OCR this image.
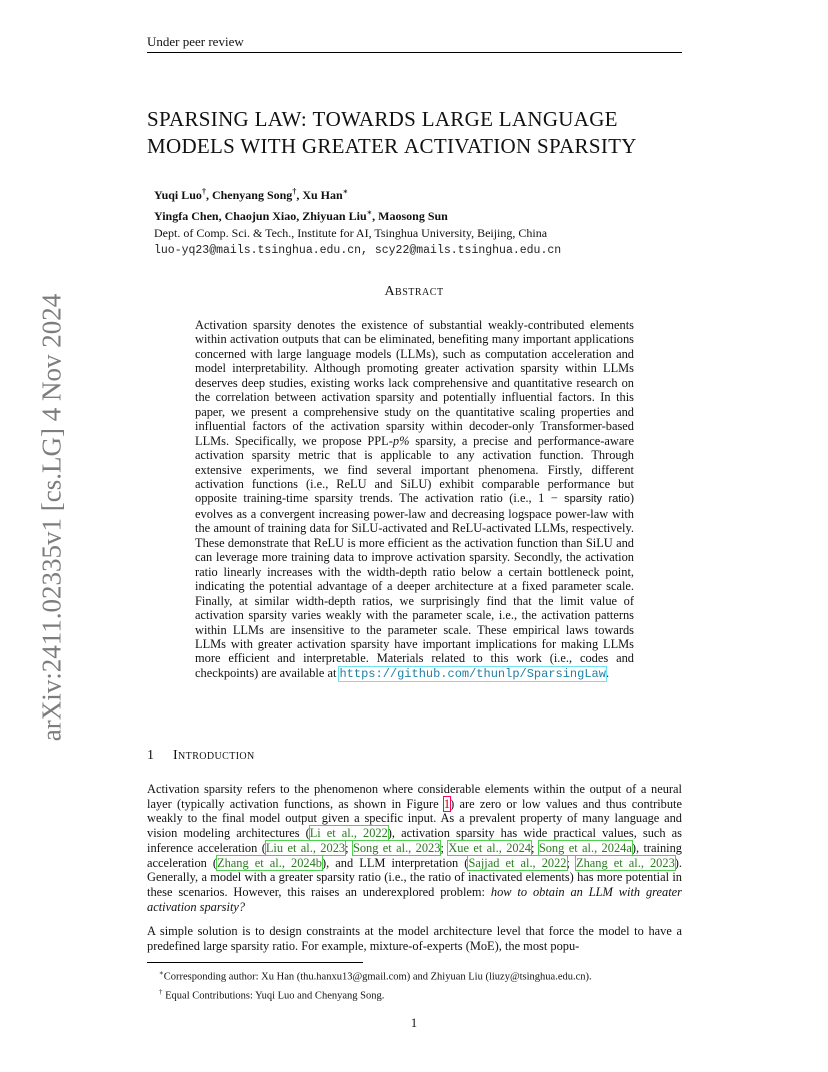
Under peer review
arXiv:2411.02335v1 [cs.LG] 4 Nov 2024
SPARSING LAW: TOWARDS LARGE LANGUAGE
MODELS WITH GREATER ACTIVATION SPARSITY
Yuqi Luo†, Chenyang Song†, Xu Han∗
Yingfa Chen, Chaojun Xiao, Zhiyuan Liu∗, Maosong Sun
Dept. of Comp. Sci. & Tech., Institute for AI, Tsinghua University, Beijing, China
luo-yq23@mails.tsinghua.edu.cn, scy22@mails.tsinghua.edu.cn
Abstract
Activation sparsity denotes the existence of substantial weakly-contributed elements within activation outputs that can be eliminated, benefiting many important applications concerned with large language models (LLMs), such as computation acceleration and model interpretability. Although promoting greater activation sparsity within LLMs deserves deep studies, existing works lack comprehensive and quantitative research on the correlation between activation sparsity and potentially influential factors. In this paper, we present a comprehensive study on the quantitative scaling properties and influential factors of the activation sparsity within decoder-only Transformer-based LLMs. Specifically, we propose PPL-p% sparsity, a precise and performance-aware activation sparsity metric that is applicable to any activation function. Through extensive experiments, we find several important phenomena. Firstly, different activation functions (i.e., ReLU and SiLU) exhibit comparable performance but opposite training-time sparsity trends. The activation ratio (i.e., 1 − sparsity ratio) evolves as a convergent increasing power-law and decreasing logspace power-law with the amount of training data for SiLU-activated and ReLU-activated LLMs, respectively. These demonstrate that ReLU is more efficient as the activation function than SiLU and can leverage more training data to improve activation sparsity. Secondly, the activation ratio linearly increases with the width-depth ratio below a certain bottleneck point, indicating the potential advantage of a deeper architecture at a fixed parameter scale. Finally, at similar width-depth ratios, we surprisingly find that the limit value of activation sparsity varies weakly with the parameter scale, i.e., the activation patterns within LLMs are insensitive to the parameter scale. These empirical laws towards LLMs with greater activation sparsity have important implications for making LLMs more efficient and interpretable. Materials related to this work (i.e., codes and checkpoints) are available at https://github.com/thunlp/SparsingLaw.
1 Introduction
Activation sparsity refers to the phenomenon where considerable elements within the output of a neural layer (typically activation functions, as shown in Figure 1) are zero or low values and thus contribute weakly to the final model output given a specific input. As a prevalent property of many language and vision modeling architectures (Li et al., 2022), activation sparsity has wide practical values, such as inference acceleration (Liu et al., 2023; Song et al., 2023; Xue et al., 2024; Song et al., 2024a), training acceleration (Zhang et al., 2024b), and LLM interpretation (Sajjad et al., 2022; Zhang et al., 2023). Generally, a model with a greater sparsity ratio (i.e., the ratio of inactivated elements) has more potential in these scenarios. However, this raises an underexplored problem: how to obtain an LLM with greater activation sparsity?
A simple solution is to design constraints at the model architecture level that force the model to have a predefined large sparsity ratio. For example, mixture-of-experts (MoE), the most popu-
∗Corresponding author: Xu Han (thu.hanxu13@gmail.com) and Zhiyuan Liu (liuzy@tsinghua.edu.cn).
† Equal Contributions: Yuqi Luo and Chenyang Song.
1
